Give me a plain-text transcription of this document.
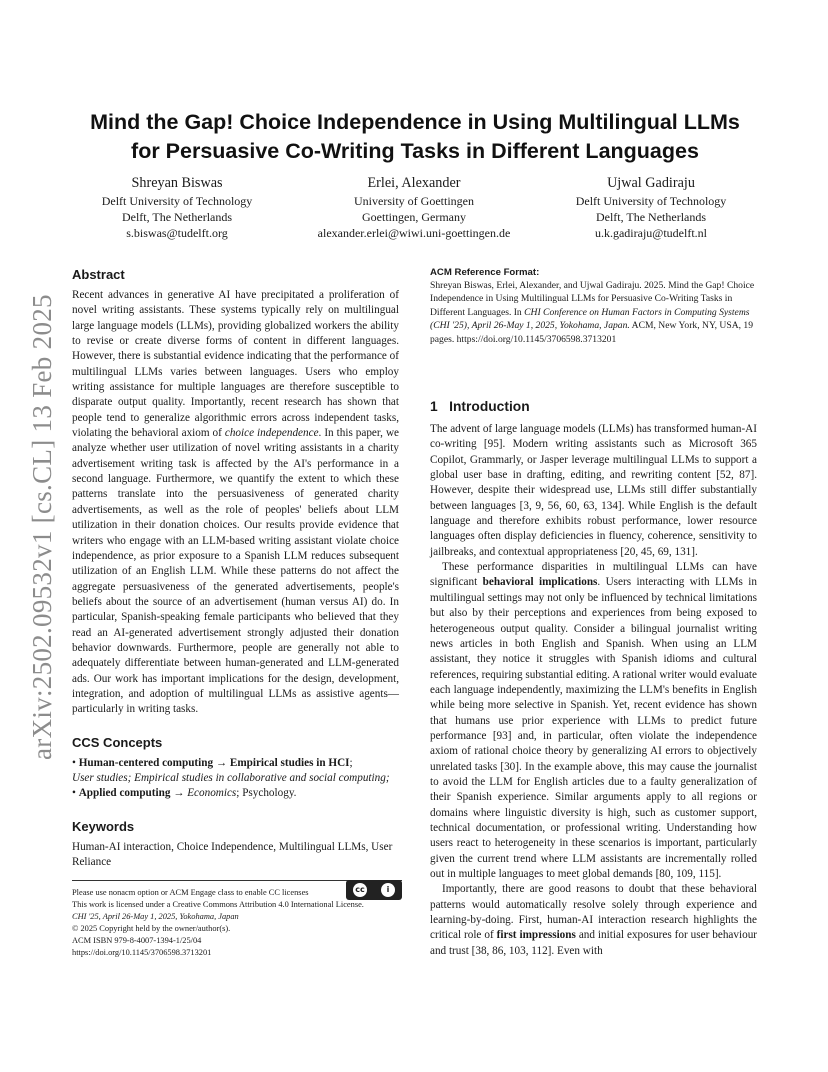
arXiv:2502.09532v1 [cs.CL] 13 Feb 2025
Mind the Gap! Choice Independence in Using Multilingual LLMs
for Persuasive Co-Writing Tasks in Different Languages
Shreyan Biswas
Delft University of Technology
Delft, The Netherlands
s.biswas@tudelft.org
Erlei, Alexander
University of Goettingen
Goettingen, Germany
alexander.erlei@wiwi.uni-goettingen.de
Ujwal Gadiraju
Delft University of Technology
Delft, The Netherlands
u.k.gadiraju@tudelft.nl
Abstract

Recent advances in generative AI have precipitated a proliferation of novel writing assistants. These systems typically rely on multilingual large language models (LLMs), providing globalized workers the ability to revise or create diverse forms of content in different languages. However, there is substantial evidence indicating that the performance of multilingual LLMs varies between languages. Users who employ writing assistance for multiple languages are therefore susceptible to disparate output quality. Importantly, recent research has shown that people tend to generalize algorithmic errors across independent tasks, violating the behavioral axiom of choice independence. In this paper, we analyze whether user utilization of novel writing assistants in a charity advertisement writing task is affected by the AI's performance in a second language. Furthermore, we quantify the extent to which these patterns translate into the persuasiveness of generated charity advertisements, as well as the role of peoples' beliefs about LLM utilization in their donation choices. Our results provide evidence that writers who engage with an LLM-based writing assistant violate choice independence, as prior exposure to a Spanish LLM reduces subsequent utilization of an English LLM. While these patterns do not affect the aggregate persuasiveness of the generated advertisements, people's beliefs about the source of an advertisement (human versus AI) do. In particular, Spanish-speaking female participants who believed that they read an AI-generated advertisement strongly adjusted their donation behavior downwards. Furthermore, people are generally not able to adequately differentiate between human-generated and LLM-generated ads. Our work has important implications for the design, development, integration, and adoption of multilingual LLMs as assistive agents—particularly in writing tasks.

CCS Concepts

• Human-centered computing → Empirical studies in HCI;
User studies; Empirical studies in collaborative and social computing;
• Applied computing → Economics; Psychology.

Keywords

Human-AI interaction, Choice Independence, Multilingual LLMs, User Reliance

cc	i
Please use nonacm option or ACM Engage class to enable CC licenses
This work is licensed under a Creative Commons Attribution 4.0 International License.
CHI '25, April 26-May 1, 2025, Yokohama, Japan
© 2025 Copyright held by the owner/author(s).
ACM ISBN 979-8-4007-1394-1/25/04
https://doi.org/10.1145/3706598.3713201
ACM Reference Format:

Shreyan Biswas, Erlei, Alexander, and Ujwal Gadiraju. 2025. Mind the Gap! Choice Independence in Using Multilingual LLMs for Persuasive Co-Writing Tasks in Different Languages. In CHI Conference on Human Factors in Computing Systems (CHI '25), April 26-May 1, 2025, Yokohama, Japan. ACM, New York, NY, USA, 19 pages. https://doi.org/10.1145/3706598.3713201

1   Introduction

The advent of large language models (LLMs) has transformed human-AI co-writing [95]. Modern writing assistants such as Microsoft 365 Copilot, Grammarly, or Jasper leverage multilingual LLMs to support a global user base in drafting, editing, and rewriting content [52, 87]. However, despite their widespread use, LLMs still differ substantially between languages [3, 9, 56, 60, 63, 134]. While English is the default language and therefore exhibits robust performance, lower resource languages often display deficiencies in fluency, coherence, sensitivity to jailbreaks, and contextual appropriateness [20, 45, 69, 131].

These performance disparities in multilingual LLMs can have significant behavioral implications. Users interacting with LLMs in multilingual settings may not only be influenced by technical limitations but also by their perceptions and experiences from being exposed to heterogeneous output quality. Consider a bilingual journalist writing news articles in both English and Spanish. When using an LLM assistant, they notice it struggles with Spanish idioms and cultural references, requiring substantial editing. A rational writer would evaluate each language independently, maximizing the LLM's benefits in English while being more selective in Spanish. Yet, recent evidence has shown that humans use prior experience with LLMs to predict future performance [93] and, in particular, often violate the independence axiom of rational choice theory by generalizing AI errors to objectively unrelated tasks [30]. In the example above, this may cause the journalist to avoid the LLM for English articles due to a faulty generalization of their Spanish experience. Similar arguments apply to all regions or domains where linguistic diversity is high, such as customer support, technical documentation, or professional writing. Understanding how users react to heterogeneity in these scenarios is important, particularly given the current trend where LLM assistants are incrementally rolled out in multiple languages to meet global demands [80, 109, 115].

Importantly, there are good reasons to doubt that these behavioral patterns would automatically resolve solely through experience and learning-by-doing. First, human-AI interaction research highlights the critical role of first impressions and initial exposures for user behaviour and trust [38, 86, 103, 112]. Even with
